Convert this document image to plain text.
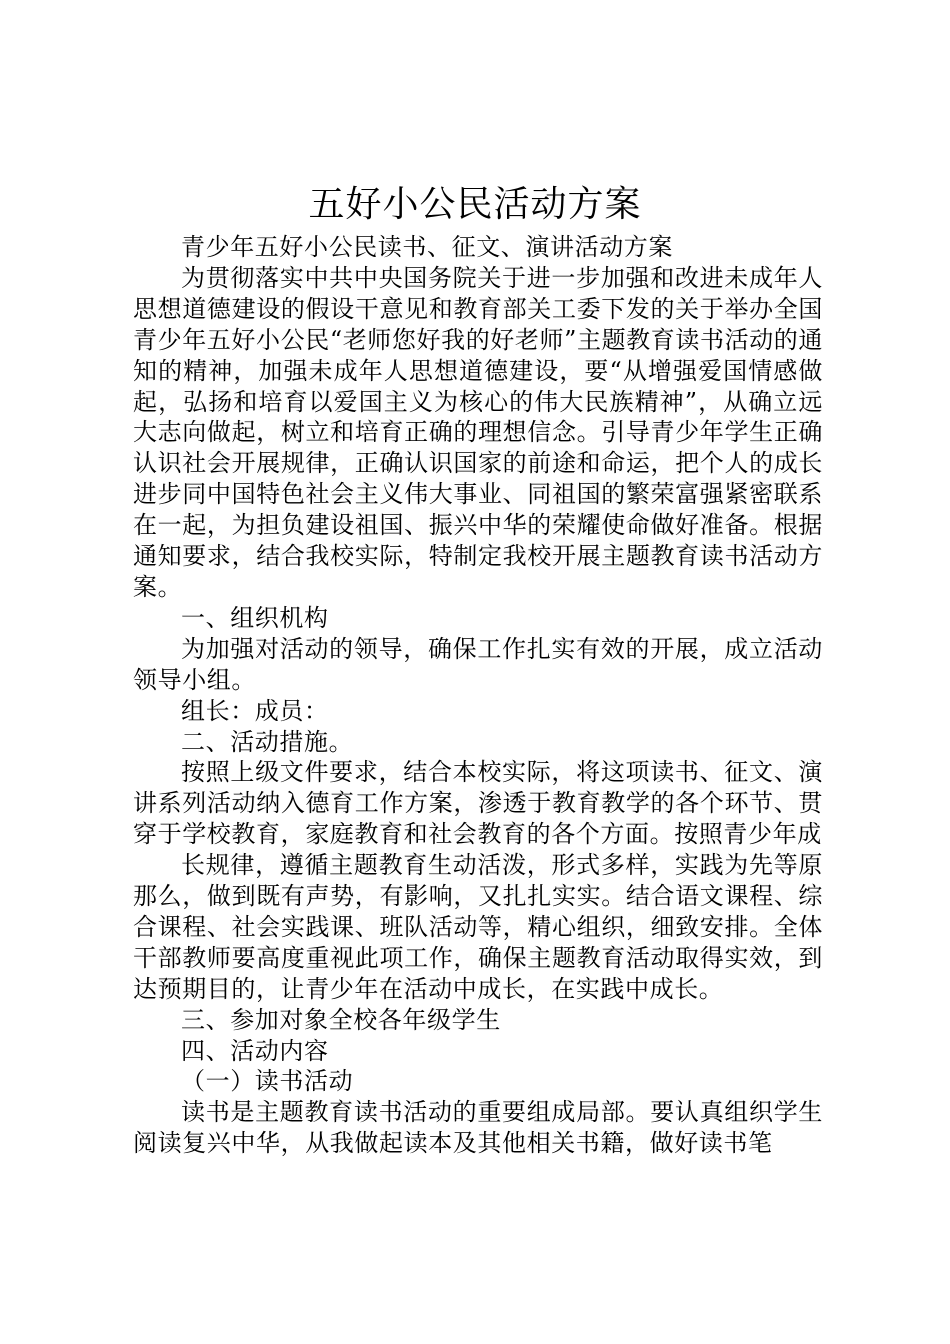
五好小公民活动方案

青少年五好小公民读书、征文、演讲活动方案

为贯彻落实中共中央国务院关于进一步加强和改进未成年人思想道德建设的假设干意见和教育部关工委下发的关于举办全国青少年五好小公民“老师您好我的好老师”主题教育读书活动的通知的精神，加强未成年人思想道德建设，要“从增强爱国情感做起，弘扬和培育以爱国主义为核心的伟大民族精神”，从确立远大志向做起，树立和培育正确的理想信念。引导青少年学生正确认识社会开展规律，正确认识国家的前途和命运，把个人的成长进步同中国特色社会主义伟大事业、同祖国的繁荣富强紧密联系在一起，为担负建设祖国、振兴中华的荣耀使命做好准备。根据通知要求，结合我校实际，特制定我校开展主题教育读书活动方案。

一、组织机构

为加强对活动的领导，确保工作扎实有效的开展，成立活动领导小组。

组长：成员：

二、活动措施。

按照上级文件要求，结合本校实际，将这项读书、征文、演讲系列活动纳入德育工作方案，渗透于教育教学的各个环节、贯穿于学校教育，家庭教育和社会教育的各个方面。按照青少年成

长规律，遵循主题教育生动活泼，形式多样，实践为先等原那么，做到既有声势，有影响，又扎扎实实。结合语文课程、综合课程、社会实践课、班队活动等，精心组织，细致安排。全体干部教师要高度重视此项工作，确保主题教育活动取得实效，到达预期目的，让青少年在活动中成长，在实践中成长。

三、参加对象全校各年级学生

四、活动内容

（一）读书活动

读书是主题教育读书活动的重要组成局部。要认真组织学生阅读复兴中华，从我做起读本及其他相关书籍，做好读书笔
